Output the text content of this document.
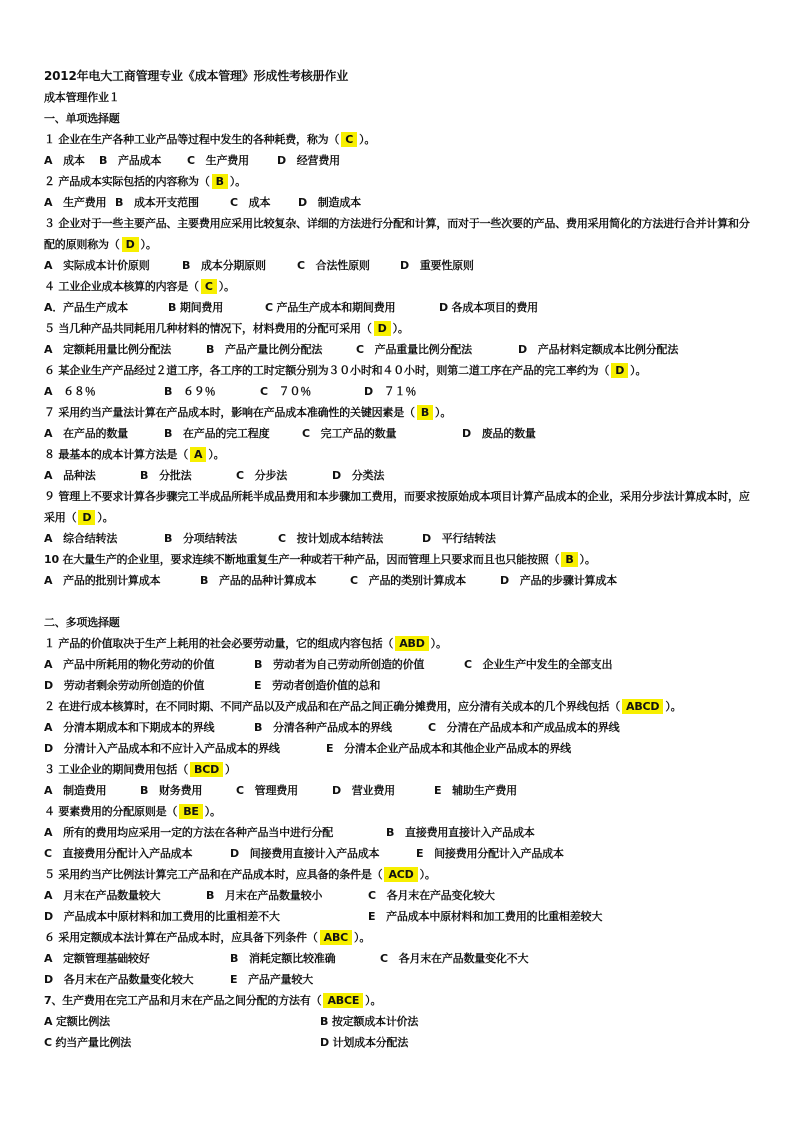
2012年电大工商管理专业《成本管理》形成性考核册作业
成本管理作业１
一、单项选择题
１ 企业在生产各种工业产品等过程中发生的各种耗费，称为（ C ）。
A　成本 B　产品成本 C　生产费用	D　经营费用
２ 产品成本实际包括的内容称为（ B ）。
A　生产费用 B　成本开支范围	C　成本	D　制造成本
３ 企业对于一些主要产品、主要费用应采用比较复杂、详细的方法进行分配和计算，而对于一些次要的产品、费用采用简化的方法进行合并计算和分配的原则称为（ D ）。
A　实际成本计价原则	B　成本分期原则	C　合法性原则	D　重要性原则
４ 工业企业成本核算的内容是（ C ）。
A．产品生产成本	B 期间费用	C 产品生产成本和期间费用	D 各成本项目的费用
５ 当几种产品共同耗用几种材料的情况下，材料费用的分配可采用（ D ）。
A　定额耗用量比例分配法	B　产品产量比例分配法	C　产品重量比例分配法	D　产品材料定额成本比例分配法
６ 某企业生产产品经过２道工序，各工序的工时定额分别为３０小时和４０小时，则第二道工序在产品的完工率约为（ D ）。
A　６８％	B　６９％	C　７０％	D　７１％
７ 采用约当产量法计算在产品成本时，影响在产品成本准确性的关键因素是（ B ）。
A　在产品的数量	B　在产品的完工程度	C　完工产品的数量	D　废品的数量
８ 最基本的成本计算方法是（ A ）。
A　品种法	B　分批法	C　分步法	D　分类法
９ 管理上不要求计算各步骤完工半成品所耗半成品费用和本步骤加工费用，而要求按原始成本项目计算产品成本的企业，采用分步法计算成本时，应采用（ D ）。
A　综合结转法	B　分项结转法	C　按计划成本结转法	D　平行结转法
10 在大量生产的企业里，要求连续不断地重复生产一种或若干种产品，因而管理上只要求而且也只能按照（ B ）。
A　产品的批别计算成本	B　产品的品种计算成本	C　产品的类别计算成本	D　产品的步骤计算成本
二、多项选择题
１ 产品的价值取决于生产上耗用的社会必要劳动量，它的组成内容包括（ ABD ）。
A　产品中所耗用的物化劳动的价值	B　劳动者为自己劳动所创造的价值	C　企业生产中发生的全部支出
D　劳动者剩余劳动所创造的价值	E　劳动者创造价值的总和
２ 在进行成本核算时，在不同时期、不同产品以及产成品和在产品之间正确分摊费用，应分清有关成本的几个界线包括（ ABCD ）。
A　分清本期成本和下期成本的界线	B　分清各种产品成本的界线	C　分清在产品成本和产成品成本的界线
D　分清计入产品成本和不应计入产品成本的界线	E　分清本企业产品成本和其他企业产品成本的界线
３ 工业企业的期间费用包括（ BCD ）
A　制造费用	B　财务费用	C　管理费用	D　营业费用	E　辅助生产费用
４ 要素费用的分配原则是（ BE ）。
A　所有的费用均应采用一定的方法在各种产品当中进行分配	B　直接费用直接计入产品成本
C　直接费用分配计入产品成本	D　间接费用直接计入产品成本	E　间接费用分配计入产品成本
５ 采用约当产比例法计算完工产品和在产品成本时，应具备的条件是（ ACD ）。
A　月末在产品数量较大	B　月末在产品数量较小	C　各月末在产品变化较大
D　产品成本中原材料和加工费用的比重相差不大	E　产品成本中原材料和加工费用的比重相差较大
６ 采用定额成本法计算在产品成本时，应具备下列条件（ ABC ）。
A　定额管理基础较好	B　消耗定额比较准确	C　各月末在产品数量变化不大
D　各月末在产品数量变化较大	E　产品产量较大
7、生产费用在完工产品和月末在产品之间分配的方法有（ ABCE ）。
A 定额比例法	B 按定额成本计价法
C 约当产量比例法	D 计划成本分配法
